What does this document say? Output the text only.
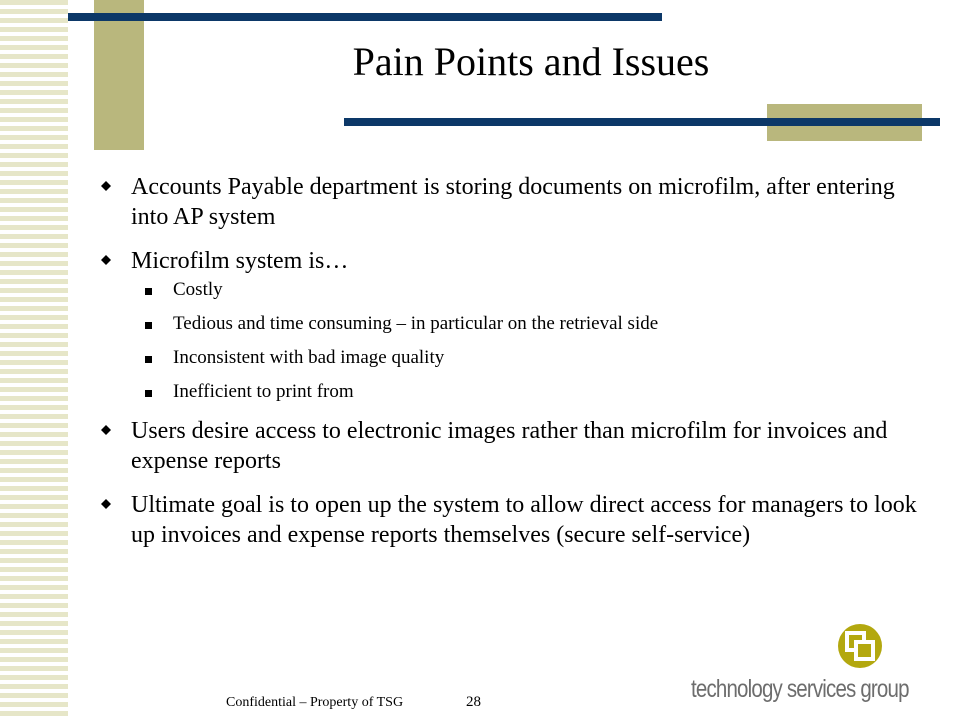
Pain Points and Issues
Accounts Payable department is storing documents on microfilm, after entering into AP system
Microfilm system is…
Costly
Tedious and time consuming – in particular on the retrieval side
Inconsistent with bad image quality
Inefficient to print from
Users desire access to electronic images rather than microfilm for invoices and expense reports
Ultimate goal is to open up the system to allow direct access for managers to look up invoices and expense reports themselves (secure self-service)
Confidential – Property of TSG	28	technology services group
